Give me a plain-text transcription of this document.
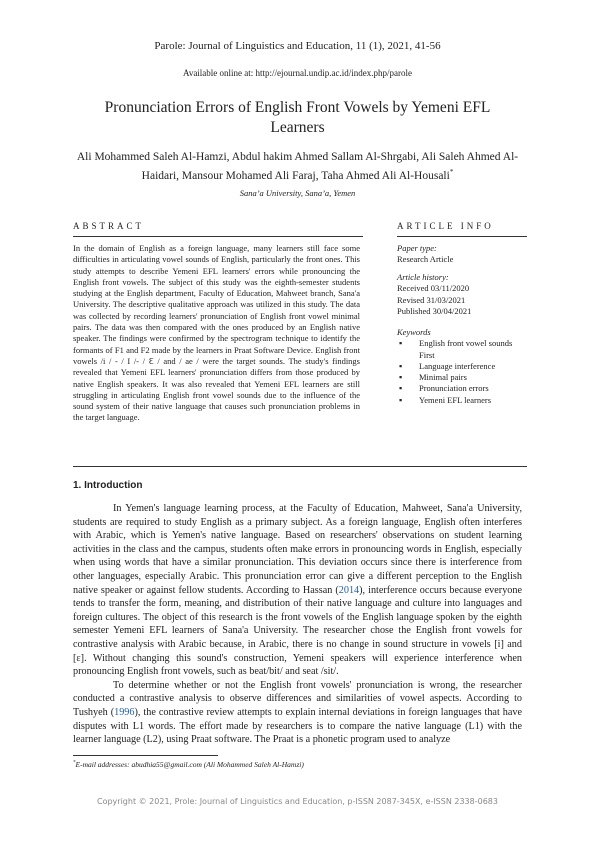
Parole: Journal of Linguistics and Education, 11 (1), 2021, 41-56
Available online at: http://ejournal.undip.ac.id/index.php/parole
Pronunciation Errors of English Front Vowels by Yemeni EFL Learners
Ali Mohammed Saleh Al-Hamzi, Abdul hakim Ahmed Sallam Al-Shrgabi, Ali Saleh Ahmed Al-Haidari, Mansour Mohamed Ali Faraj, Taha Ahmed Ali Al-Housali*
Sana’a University, Sana’a, Yemen
ABSTRACT
In the domain of English as a foreign language, many learners still face some difficulties in articulating vowel sounds of English, particularly the front ones. This study attempts to describe Yemeni EFL learners' errors while pronouncing the English front vowels. The subject of this study was the eighth-semester students studying at the English department, Faculty of Education, Mahweet branch, Sana'a University. The descriptive qualitative approach was utilized in this study. The data was collected by recording learners' pronunciation of English front vowel minimal pairs. The data was then compared with the ones produced by an English native speaker. The findings were confirmed by the spectrogram technique to identify the formants of F1 and F2 made by the learners in Praat Software Device. English front vowels /i / - / I /- / ℇ / and / ae / were the target sounds. The study's findings revealed that Yemeni EFL learners' pronunciation differs from those produced by native English speakers. It was also revealed that Yemeni EFL learners are still struggling in articulating English front vowel sounds due to the influence of the sound system of their native language that causes such pronunciation problems in the target language.
ARTICLE INFO
Paper type:
Research Article
Article history:
Received 03/11/2020
Revised 31/03/2021
Published 30/04/2021
Keywords
▪ English front vowel sounds First
▪ Language interference
▪ Minimal pairs
▪ Pronunciation errors
▪ Yemeni EFL learners
1. Introduction

In Yemen's language learning process, at the Faculty of Education, Mahweet, Sana'a University, students are required to study English as a primary subject. As a foreign language, English often interferes with Arabic, which is Yemen's native language. Based on researchers' observations on student learning activities in the class and the campus, students often make errors in pronouncing words in English, especially when using words that have a similar pronunciation. This deviation occurs since there is interference from other languages, especially Arabic. This pronunciation error can give a different perception to the English native speaker or against fellow students. According to Hassan (2014), interference occurs because everyone tends to transfer the form, meaning, and distribution of their native language and culture into languages and foreign cultures. The object of this research is the front vowels of the English language spoken by the eighth semester Yemeni EFL learners of Sana'a University. The researcher chose the English front vowels for contrastive analysis with Arabic because, in Arabic, there is no change in sound structure in vowels [i] and [ε]. Without changing this sound's construction, Yemeni speakers will experience interference when pronouncing English front vowels, such as beat/bit/ and seat /sit/.

To determine whether or not the English front vowels' pronunciation is wrong, the researcher conducted a contrastive analysis to observe differences and similarities of vowel aspects. According to Tushyeh (1996), the contrastive review attempts to explain internal deviations in foreign languages that have disputes with L1 words. The effort made by researchers is to compare the native language (L1) with the learner language (L2), using Praat software. The Praat is a phonetic program used to analyze

*E-mail addresses: abudhia55@gmail.com (Ali Mohammed Saleh Al-Hamzi)
Copyright © 2021, Prole: Journal of Linguistics and Education, p-ISSN 2087-345X, e-ISSN 2338-0683
